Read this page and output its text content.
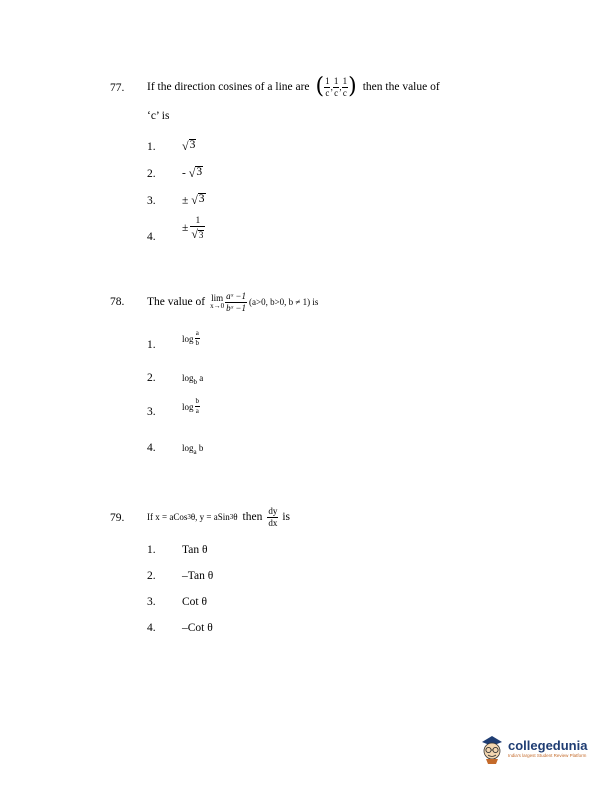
77. If the direction cosines of a line are ( $\frac{1}{c}$ , $\frac{1}{c}$ , $\frac{1}{c}$ ) then the value of
‘c’ is
1. √ 3
2. - √ 3
3. ± √ 3
4.
± $\frac{1}{√ 3}$
78. The value of lim
$x\to 0 \frac{\text{aˣ −1}}{\text{bˣ −1}} (a>0$, b>0, b ≠ 1) is
1.
$\log \frac{a}{b}$
2.	$\log_b a$
3.	$\log \frac{b}{a}$
4.	$\log_a b$
79.	If x = aCos 3 θ , y = aSin 3 θ then $\frac{dy}{dx}$ is
1. Tan θ
2. –Tan θ
3. Cot θ
4. –Cot θ
collegedunia
India's largest Student Review Platform
